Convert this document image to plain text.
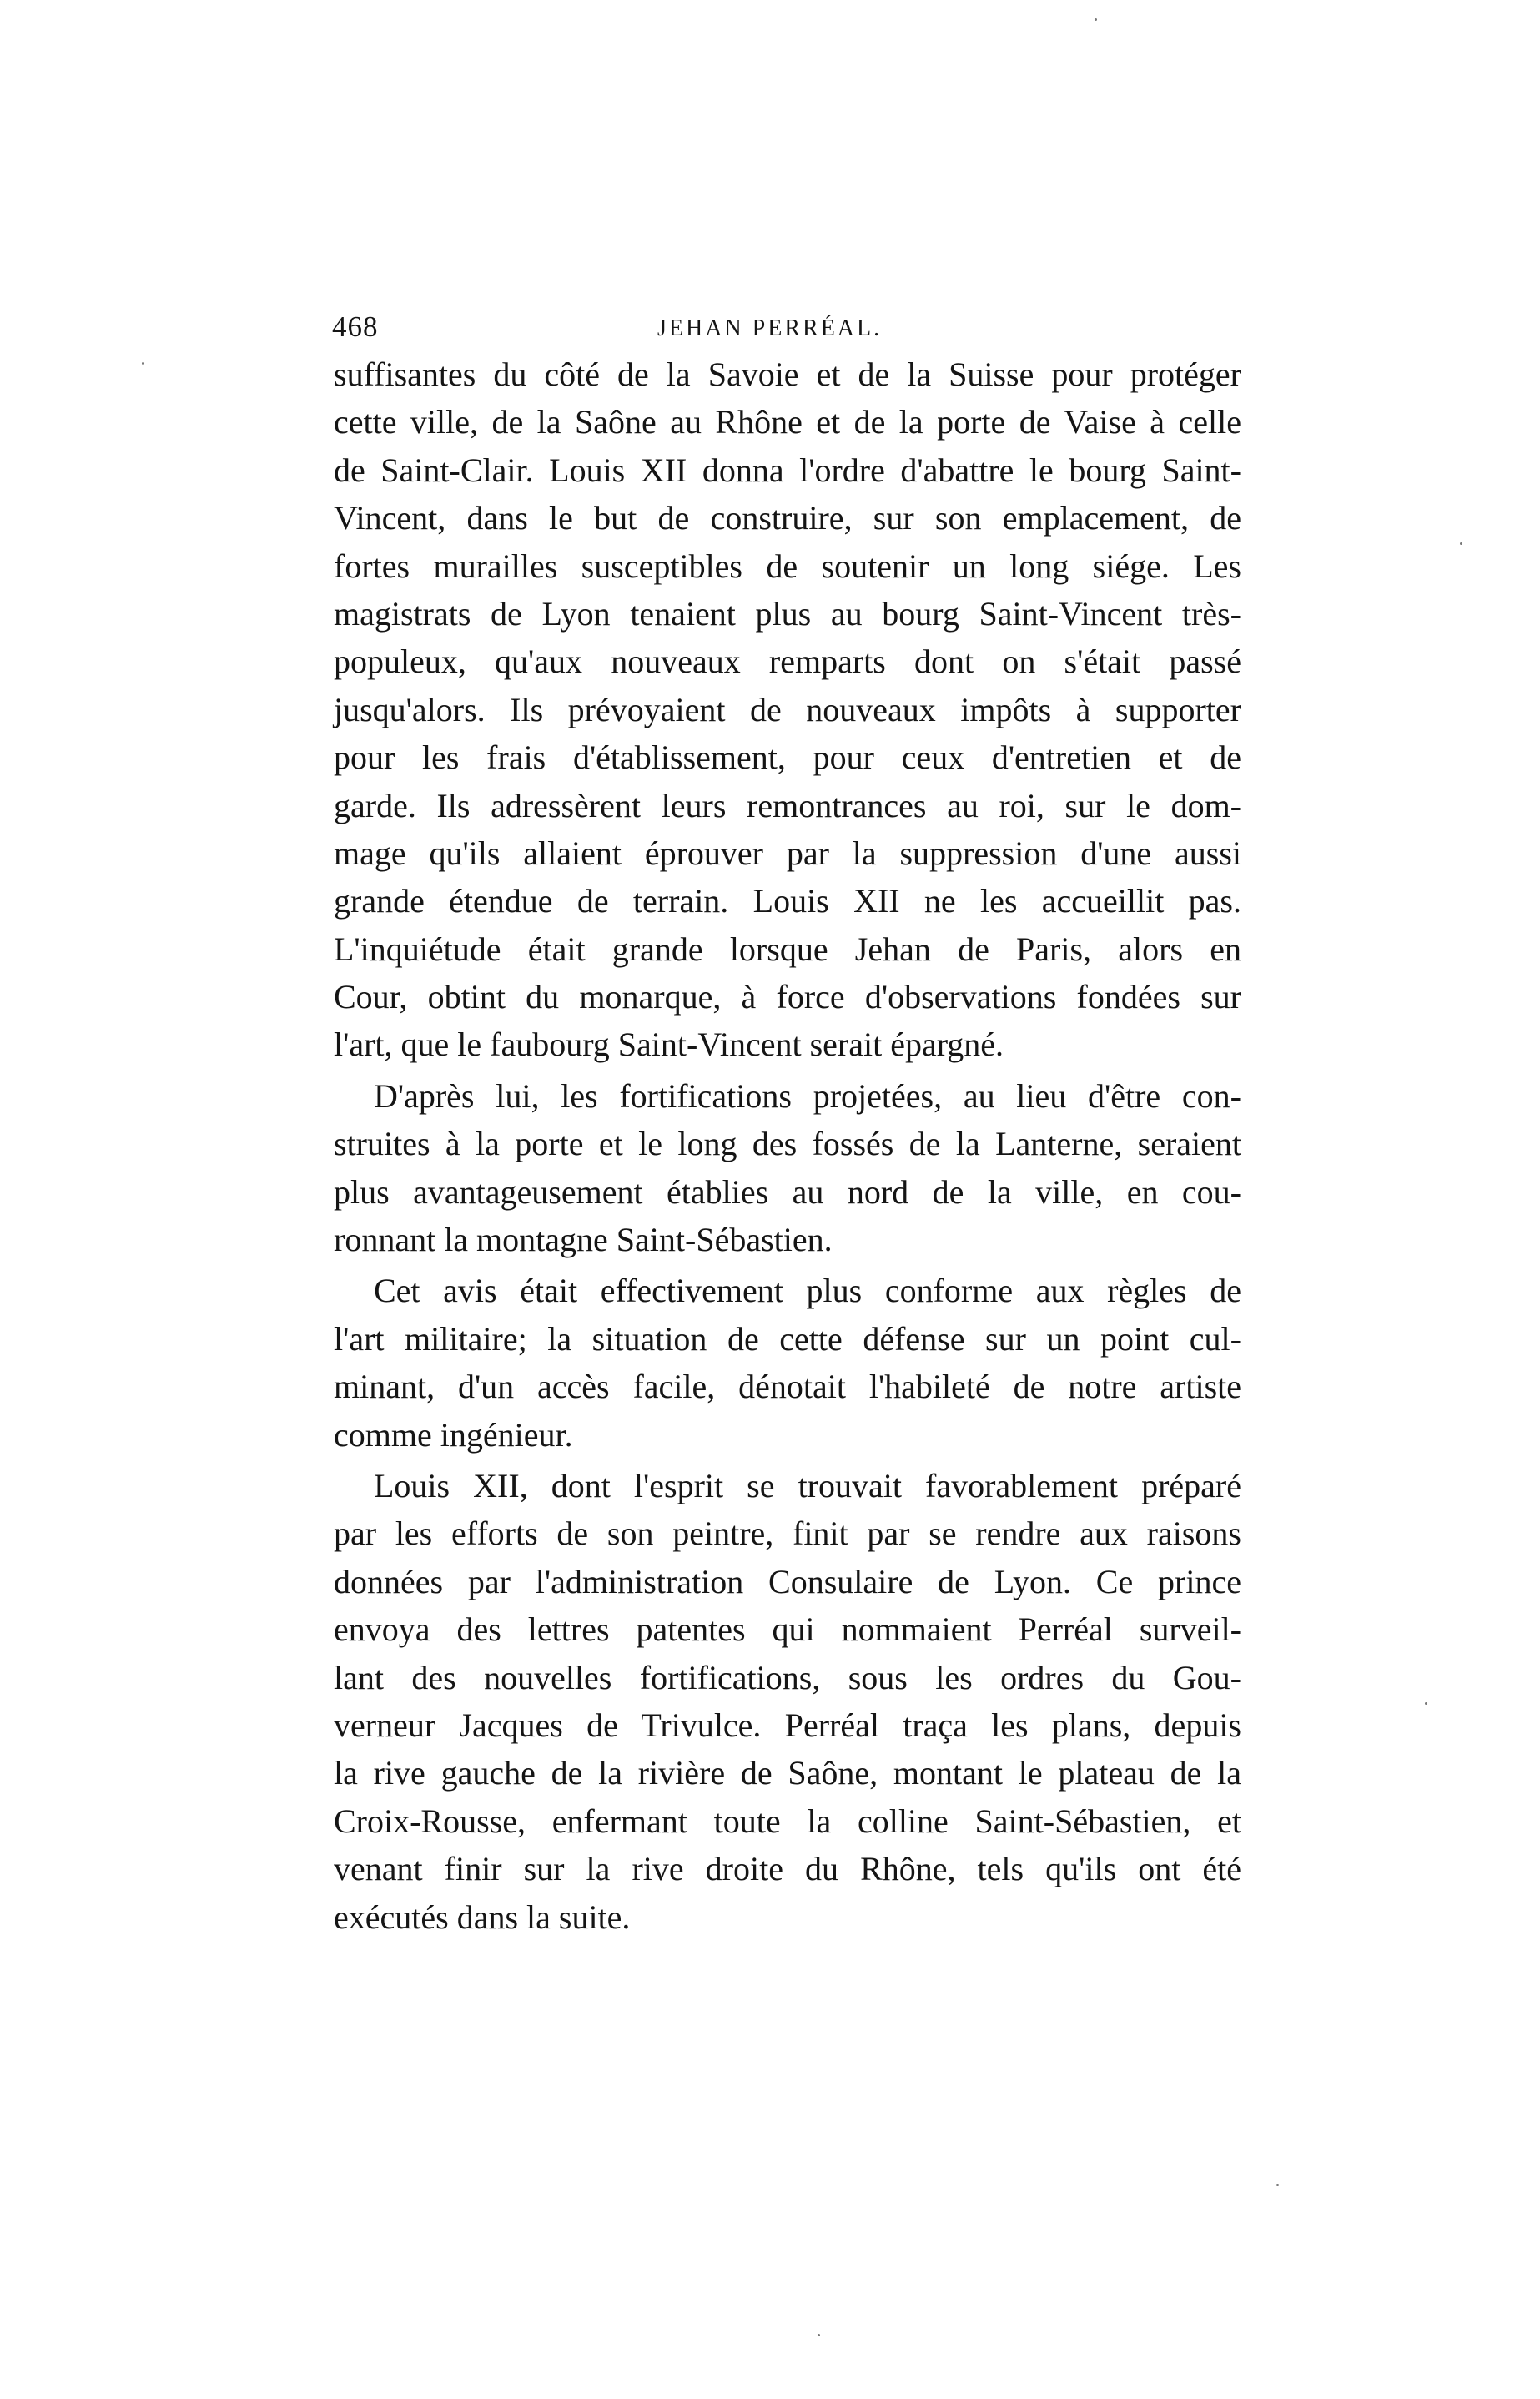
468	JEHAN PERRÉAL.
suffisantes du côté de la Savoie et de la Suisse pour protéger
cette ville, de la Saône au Rhône et de la porte de Vaise à celle
de Saint-Clair. Louis XII donna l'ordre d'abattre le bourg Saint-
Vincent, dans le but de construire, sur son emplacement, de
fortes murailles susceptibles de soutenir un long siége. Les
magistrats de Lyon tenaient plus au bourg Saint-Vincent très-
populeux, qu'aux nouveaux remparts dont on s'était passé
jusqu'alors. Ils prévoyaient de nouveaux impôts à supporter
pour les frais d'établissement, pour ceux d'entretien et de
garde. Ils adressèrent leurs remontrances au roi, sur le dom-
mage qu'ils allaient éprouver par la suppression d'une aussi
grande étendue de terrain. Louis XII ne les accueillit pas.
L'inquiétude était grande lorsque Jehan de Paris, alors en
Cour, obtint du monarque, à force d'observations fondées sur
l'art, que le faubourg Saint-Vincent serait épargné.
D'après lui, les fortifications projetées, au lieu d'être con-
struites à la porte et le long des fossés de la Lanterne, seraient
plus avantageusement établies au nord de la ville, en cou-
ronnant la montagne Saint-Sébastien.
Cet avis était effectivement plus conforme aux règles de
l'art militaire; la situation de cette défense sur un point cul-
minant, d'un accès facile, dénotait l'habileté de notre artiste
comme ingénieur.
Louis XII, dont l'esprit se trouvait favorablement préparé
par les efforts de son peintre, finit par se rendre aux raisons
données par l'administration Consulaire de Lyon. Ce prince
envoya des lettres patentes qui nommaient Perréal surveil-
lant des nouvelles fortifications, sous les ordres du Gou-
verneur Jacques de Trivulce. Perréal traça les plans, depuis
la rive gauche de la rivière de Saône, montant le plateau de la
Croix-Rousse, enfermant toute la colline Saint-Sébastien, et
venant finir sur la rive droite du Rhône, tels qu'ils ont été
exécutés dans la suite.
